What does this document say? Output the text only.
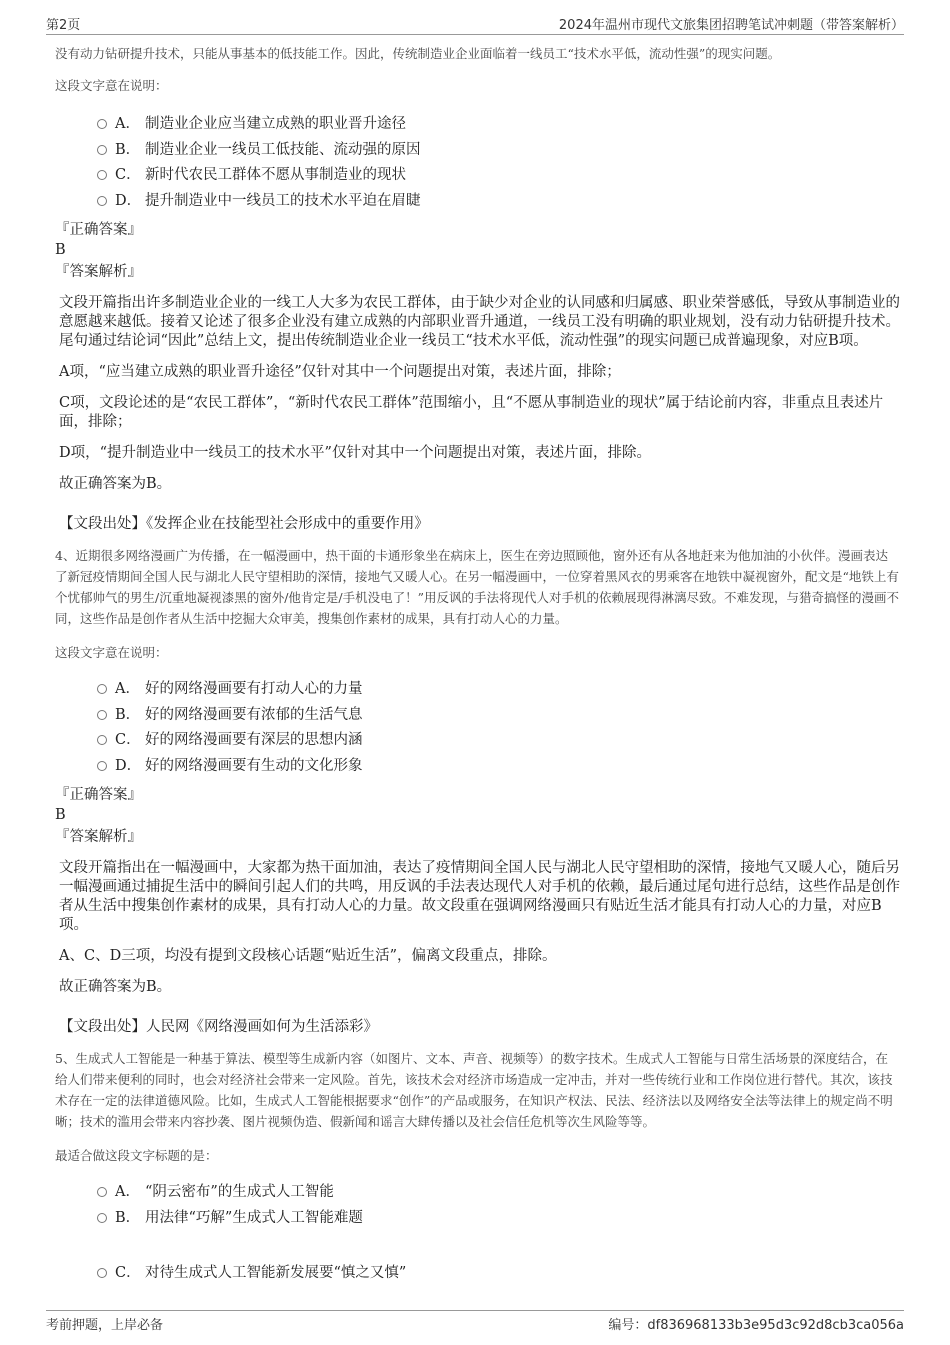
第2页	2024年温州市现代文旅集团招聘笔试冲刺题（带答案解析）

没有动力钻研提升技术，只能从事基本的低技能工作。因此，传统制造业企业面临着一线员工“技术水平低，流动性强”的现实问题。

这段文字意在说明：

A． 制造业企业应当建立成熟的职业晋升途径
B． 制造业企业一线员工低技能、流动强的原因
C． 新时代农民工群体不愿从事制造业的现状
D． 提升制造业中一线员工的技术水平迫在眉睫

『正确答案』

B

『答案解析』

文段开篇指出许多制造业企业的一线工人大多为农民工群体，由于缺少对企业的认同感和归属感、职业荣誉感低，导致从事制造业的意愿越来越低。接着又论述了很多企业没有建立成熟的内部职业晋升通道，一线员工没有明确的职业规划，没有动力钻研提升技术。尾句通过结论词“因此”总结上文，提出传统制造业企业一线员工“技术水平低，流动性强”的现实问题已成普遍现象，对应B项。

A项，“应当建立成熟的职业晋升途径”仅针对其中一个问题提出对策，表述片面，排除；

C项，文段论述的是“农民工群体”，“新时代农民工群体”范围缩小，且“不愿从事制造业的现状”属于结论前内容，非重点且表述片面，排除；

D项，“提升制造业中一线员工的技术水平”仅针对其中一个问题提出对策，表述片面，排除。

故正确答案为B。

【文段出处】《发挥企业在技能型社会形成中的重要作用》

4、近期很多网络漫画广为传播，在一幅漫画中，热干面的卡通形象坐在病床上，医生在旁边照顾他，窗外还有从各地赶来为他加油的小伙伴。漫画表达了新冠疫情期间全国人民与湖北人民守望相助的深情，接地气又暖人心。在另一幅漫画中，一位穿着黑风衣的男乘客在地铁中凝视窗外，配文是“地铁上有个忧郁帅气的男生/沉重地凝视漆黑的窗外/他肯定是/手机没电了！”用反讽的手法将现代人对手机的依赖展现得淋漓尽致。不难发现，与猎奇搞怪的漫画不同，这些作品是创作者从生活中挖掘大众审美，搜集创作素材的成果，具有打动人心的力量。

这段文字意在说明：

A． 好的网络漫画要有打动人心的力量
B． 好的网络漫画要有浓郁的生活气息
C． 好的网络漫画要有深层的思想内涵
D． 好的网络漫画要有生动的文化形象

『正确答案』

B

『答案解析』

文段开篇指出在一幅漫画中，大家都为热干面加油，表达了疫情期间全国人民与湖北人民守望相助的深情，接地气又暖人心，随后另一幅漫画通过捕捉生活中的瞬间引起人们的共鸣，用反讽的手法表达现代人对手机的依赖，最后通过尾句进行总结，这些作品是创作者从生活中搜集创作素材的成果，具有打动人心的力量。故文段重在强调网络漫画只有贴近生活才能具有打动人心的力量，对应B项。

A、C、D三项，均没有提到文段核心话题“贴近生活”，偏离文段重点，排除。

故正确答案为B。

【文段出处】人民网《网络漫画如何为生活添彩》

5、生成式人工智能是一种基于算法、模型等生成新内容（如图片、文本、声音、视频等）的数字技术。生成式人工智能与日常生活场景的深度结合，在给人们带来便利的同时，也会对经济社会带来一定风险。首先，该技术会对经济市场造成一定冲击，并对一些传统行业和工作岗位进行替代。其次，该技术存在一定的法律道德风险。比如，生成式人工智能根据要求“创作”的产品或服务，在知识产权法、民法、经济法以及网络安全法等法律上的规定尚不明晰；技术的滥用会带来内容抄袭、图片视频伪造、假新闻和谣言大肆传播以及社会信任危机等次生风险等等。

最适合做这段文字标题的是：

A． “阴云密布”的生成式人工智能
B． 用法律“巧解”生成式人工智能难题
C． 对待生成式人工智能新发展要“慎之又慎”
考前押题，上岸必备	编号：df836968133b3e95d3c92d8cb3ca056a
